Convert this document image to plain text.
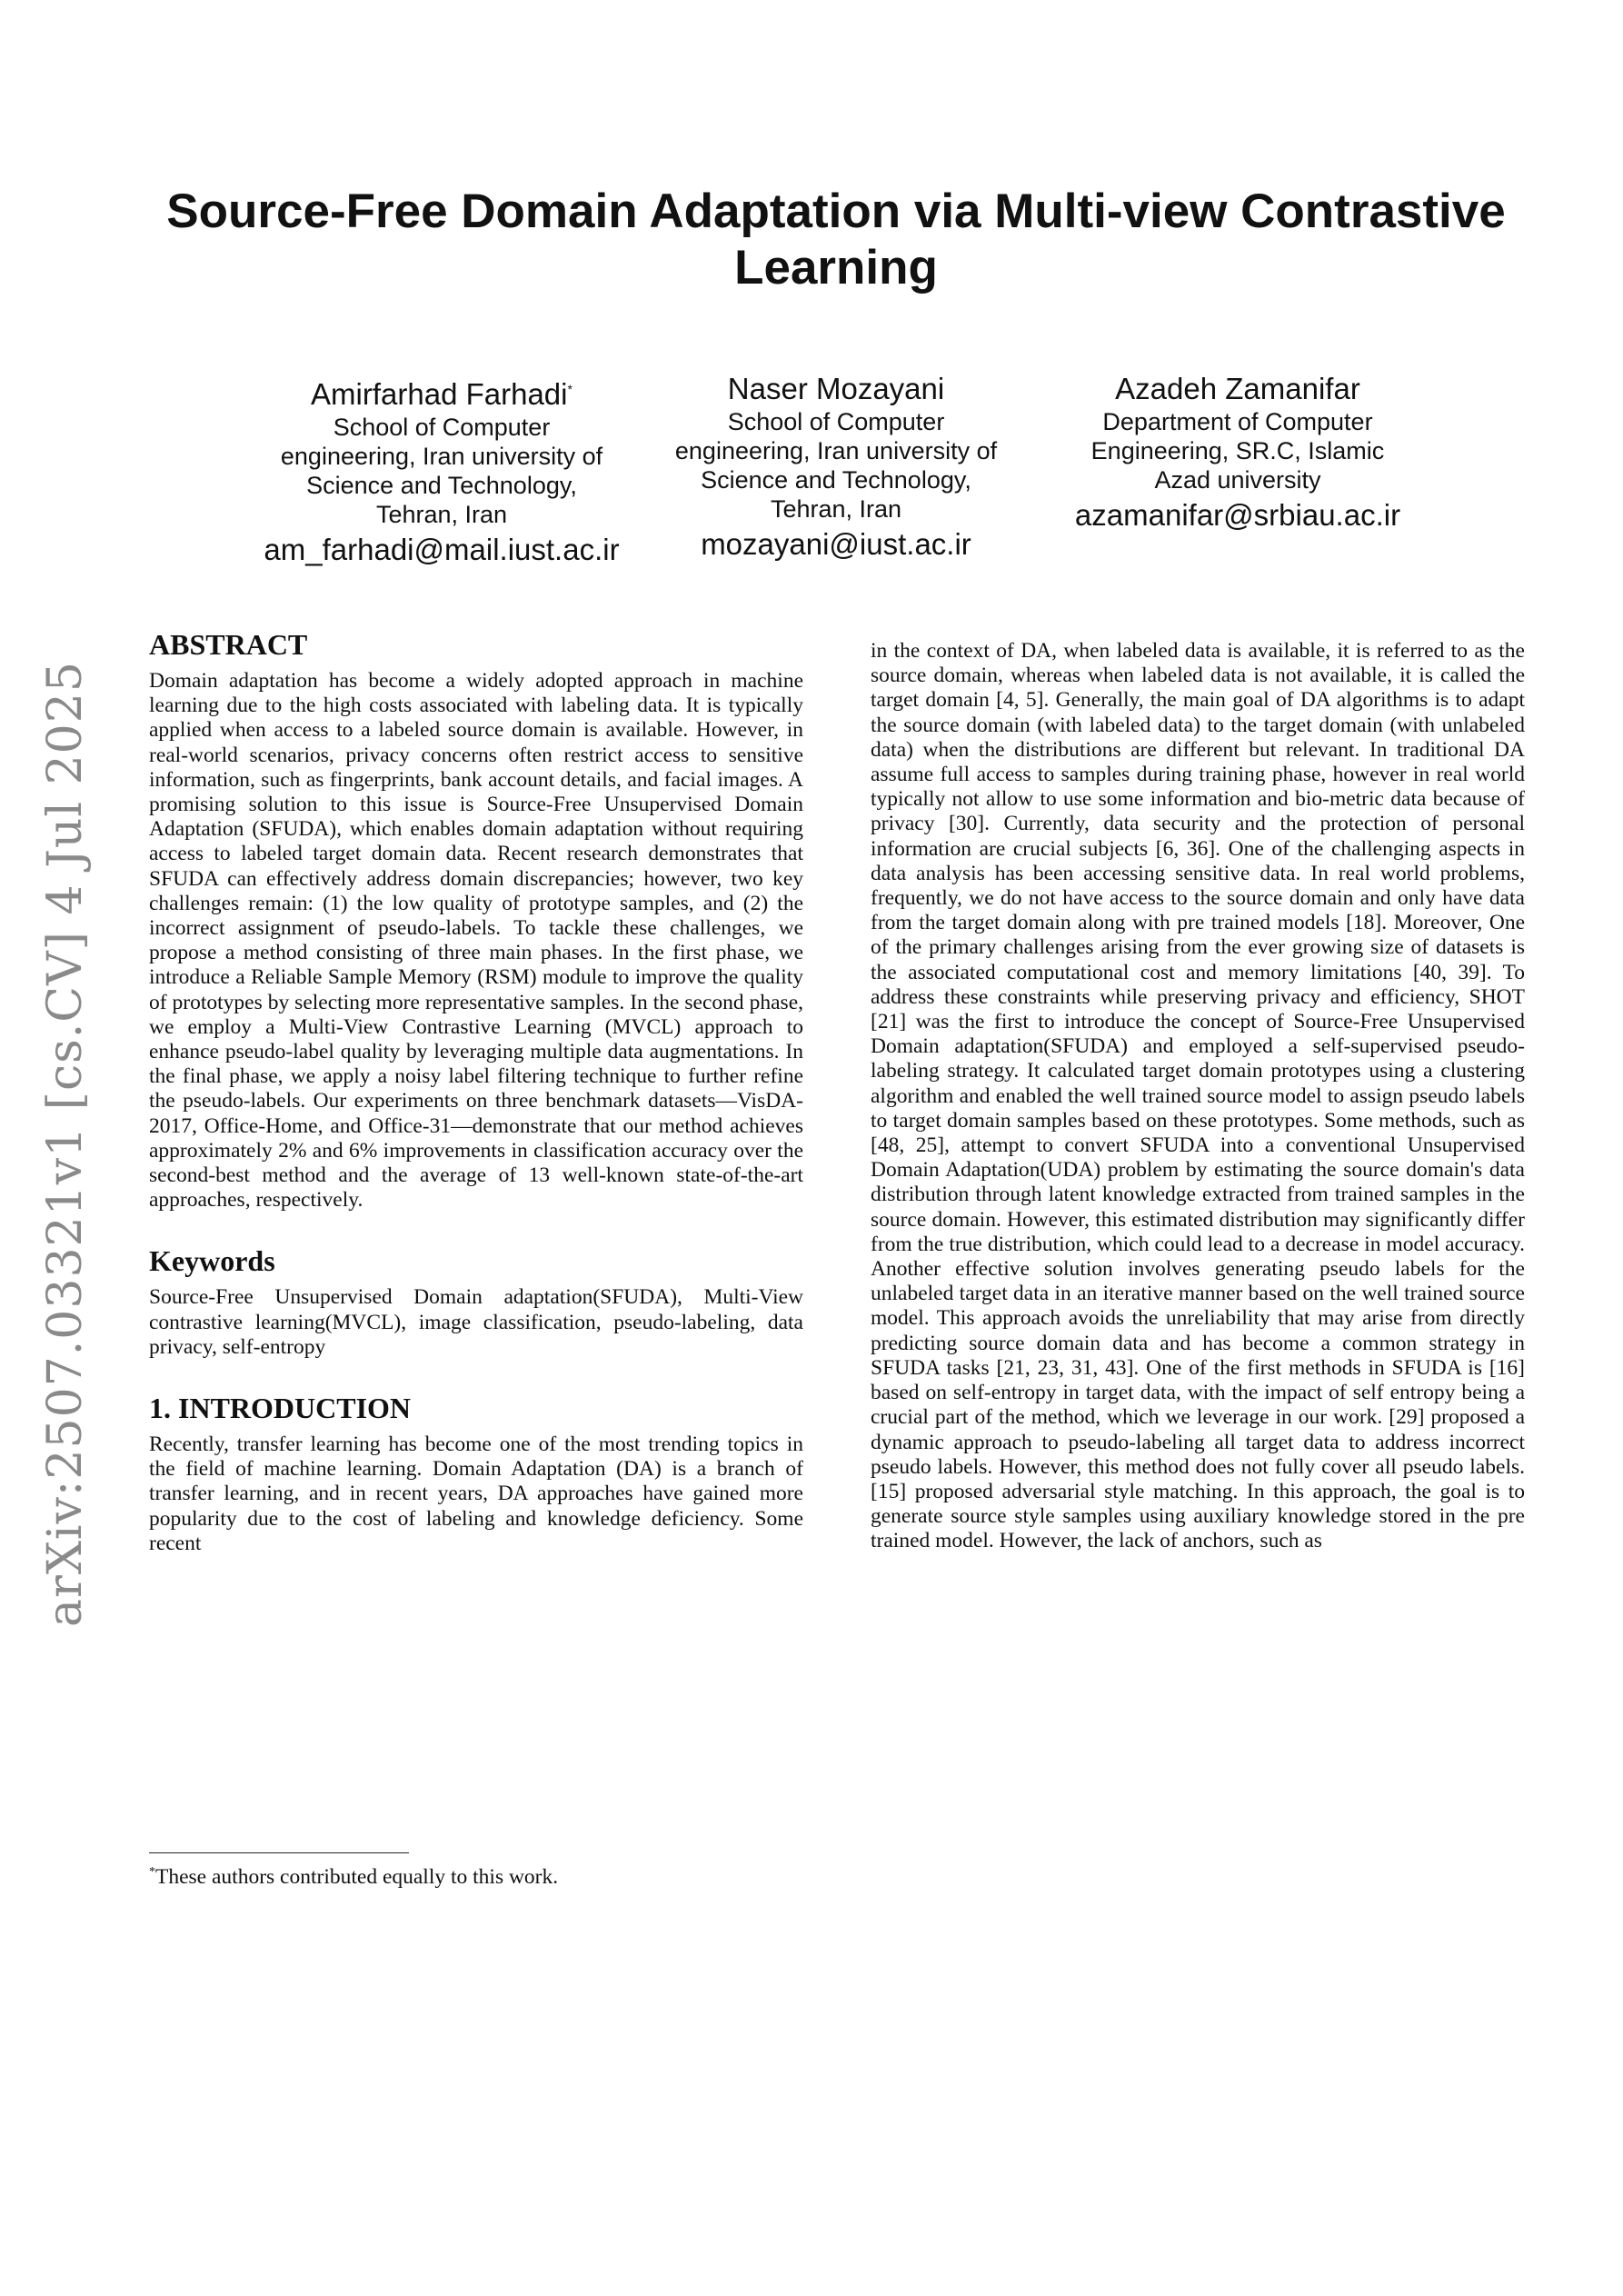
arXiv:2507.03321v1 [cs.CV] 4 Jul 2025
Source-Free Domain Adaptation via Multi-view Contrastive Learning
Amirfarhad Farhadi*
School of Computer
engineering, Iran university of
Science and Technology,
Tehran, Iran
am_farhadi@mail.iust.ac.ir
Naser Mozayani
School of Computer
engineering, Iran university of
Science and Technology,
Tehran, Iran
mozayani@iust.ac.ir
Azadeh Zamanifar
Department of Computer
Engineering, SR.C, Islamic
Azad university
azamanifar@srbiau.ac.ir
ABSTRACT

Domain adaptation has become a widely adopted approach in machine learning due to the high costs associated with labeling data. It is typically applied when access to a labeled source domain is available. However, in real-world scenarios, privacy concerns often restrict access to sensitive information, such as fingerprints, bank account details, and facial images. A promising solution to this issue is Source-Free Unsupervised Domain Adaptation (SFUDA), which enables domain adaptation without requiring access to labeled target domain data. Recent research demonstrates that SFUDA can effectively address domain discrepancies; however, two key challenges remain: (1) the low quality of prototype samples, and (2) the incorrect assignment of pseudo-labels. To tackle these challenges, we propose a method consisting of three main phases. In the first phase, we introduce a Reliable Sample Memory (RSM) module to improve the quality of prototypes by selecting more representative samples. In the second phase, we employ a Multi-View Contrastive Learning (MVCL) approach to enhance pseudo-label quality by leveraging multiple data augmentations. In the final phase, we apply a noisy label filtering technique to further refine the pseudo-labels. Our experiments on three benchmark datasets—VisDA-2017, Office-Home, and Office-31—demonstrate that our method achieves approximately 2% and 6% improvements in classification accuracy over the second-best method and the average of 13 well-known state-of-the-art approaches, respectively.

Keywords

Source-Free Unsupervised Domain adaptation(SFUDA), Multi-View contrastive learning(MVCL), image classification, pseudo-labeling, data privacy, self-entropy

1. INTRODUCTION

Recently, transfer learning has become one of the most trending topics in the field of machine learning. Domain Adaptation (DA) is a branch of transfer learning, and in recent years, DA approaches have gained more popularity due to the cost of labeling and knowledge deficiency. Some recent

*These authors contributed equally to this work.

in the context of DA, when labeled data is available, it is referred to as the source domain, whereas when labeled data is not available, it is called the target domain [4, 5]. Generally, the main goal of DA algorithms is to adapt the source domain (with labeled data) to the target domain (with unlabeled data) when the distributions are different but relevant. In traditional DA assume full access to samples during training phase, however in real world typically not allow to use some information and bio-metric data because of privacy [30]. Currently, data security and the protection of personal information are crucial subjects [6, 36]. One of the challenging aspects in data analysis has been accessing sensitive data. In real world problems, frequently, we do not have access to the source domain and only have data from the target domain along with pre trained models [18]. Moreover, One of the primary challenges arising from the ever growing size of datasets is the associated computational cost and memory limitations [40, 39]. To address these constraints while preserving privacy and efficiency, SHOT [21] was the first to introduce the concept of Source-Free Unsupervised Domain adaptation(SFUDA) and employed a self-supervised pseudo-labeling strategy. It calculated target domain prototypes using a clustering algorithm and enabled the well trained source model to assign pseudo labels to target domain samples based on these prototypes. Some methods, such as [48, 25], attempt to convert SFUDA into a conventional Unsupervised Domain Adaptation(UDA) problem by estimating the source domain's data distribution through latent knowledge extracted from trained samples in the source domain. However, this estimated distribution may significantly differ from the true distribution, which could lead to a decrease in model accuracy. Another effective solution involves generating pseudo labels for the unlabeled target data in an iterative manner based on the well trained source model. This approach avoids the unreliability that may arise from directly predicting source domain data and has become a common strategy in SFUDA tasks [21, 23, 31, 43]. One of the first methods in SFUDA is [16] based on self-entropy in target data, with the impact of self entropy being a crucial part of the method, which we leverage in our work. [29] proposed a dynamic approach to pseudo-labeling all target data to address incorrect pseudo labels. However, this method does not fully cover all pseudo labels. [15] proposed adversarial style matching. In this approach, the goal is to generate source style samples using auxiliary knowledge stored in the pre trained model. However, the lack of anchors, such as
